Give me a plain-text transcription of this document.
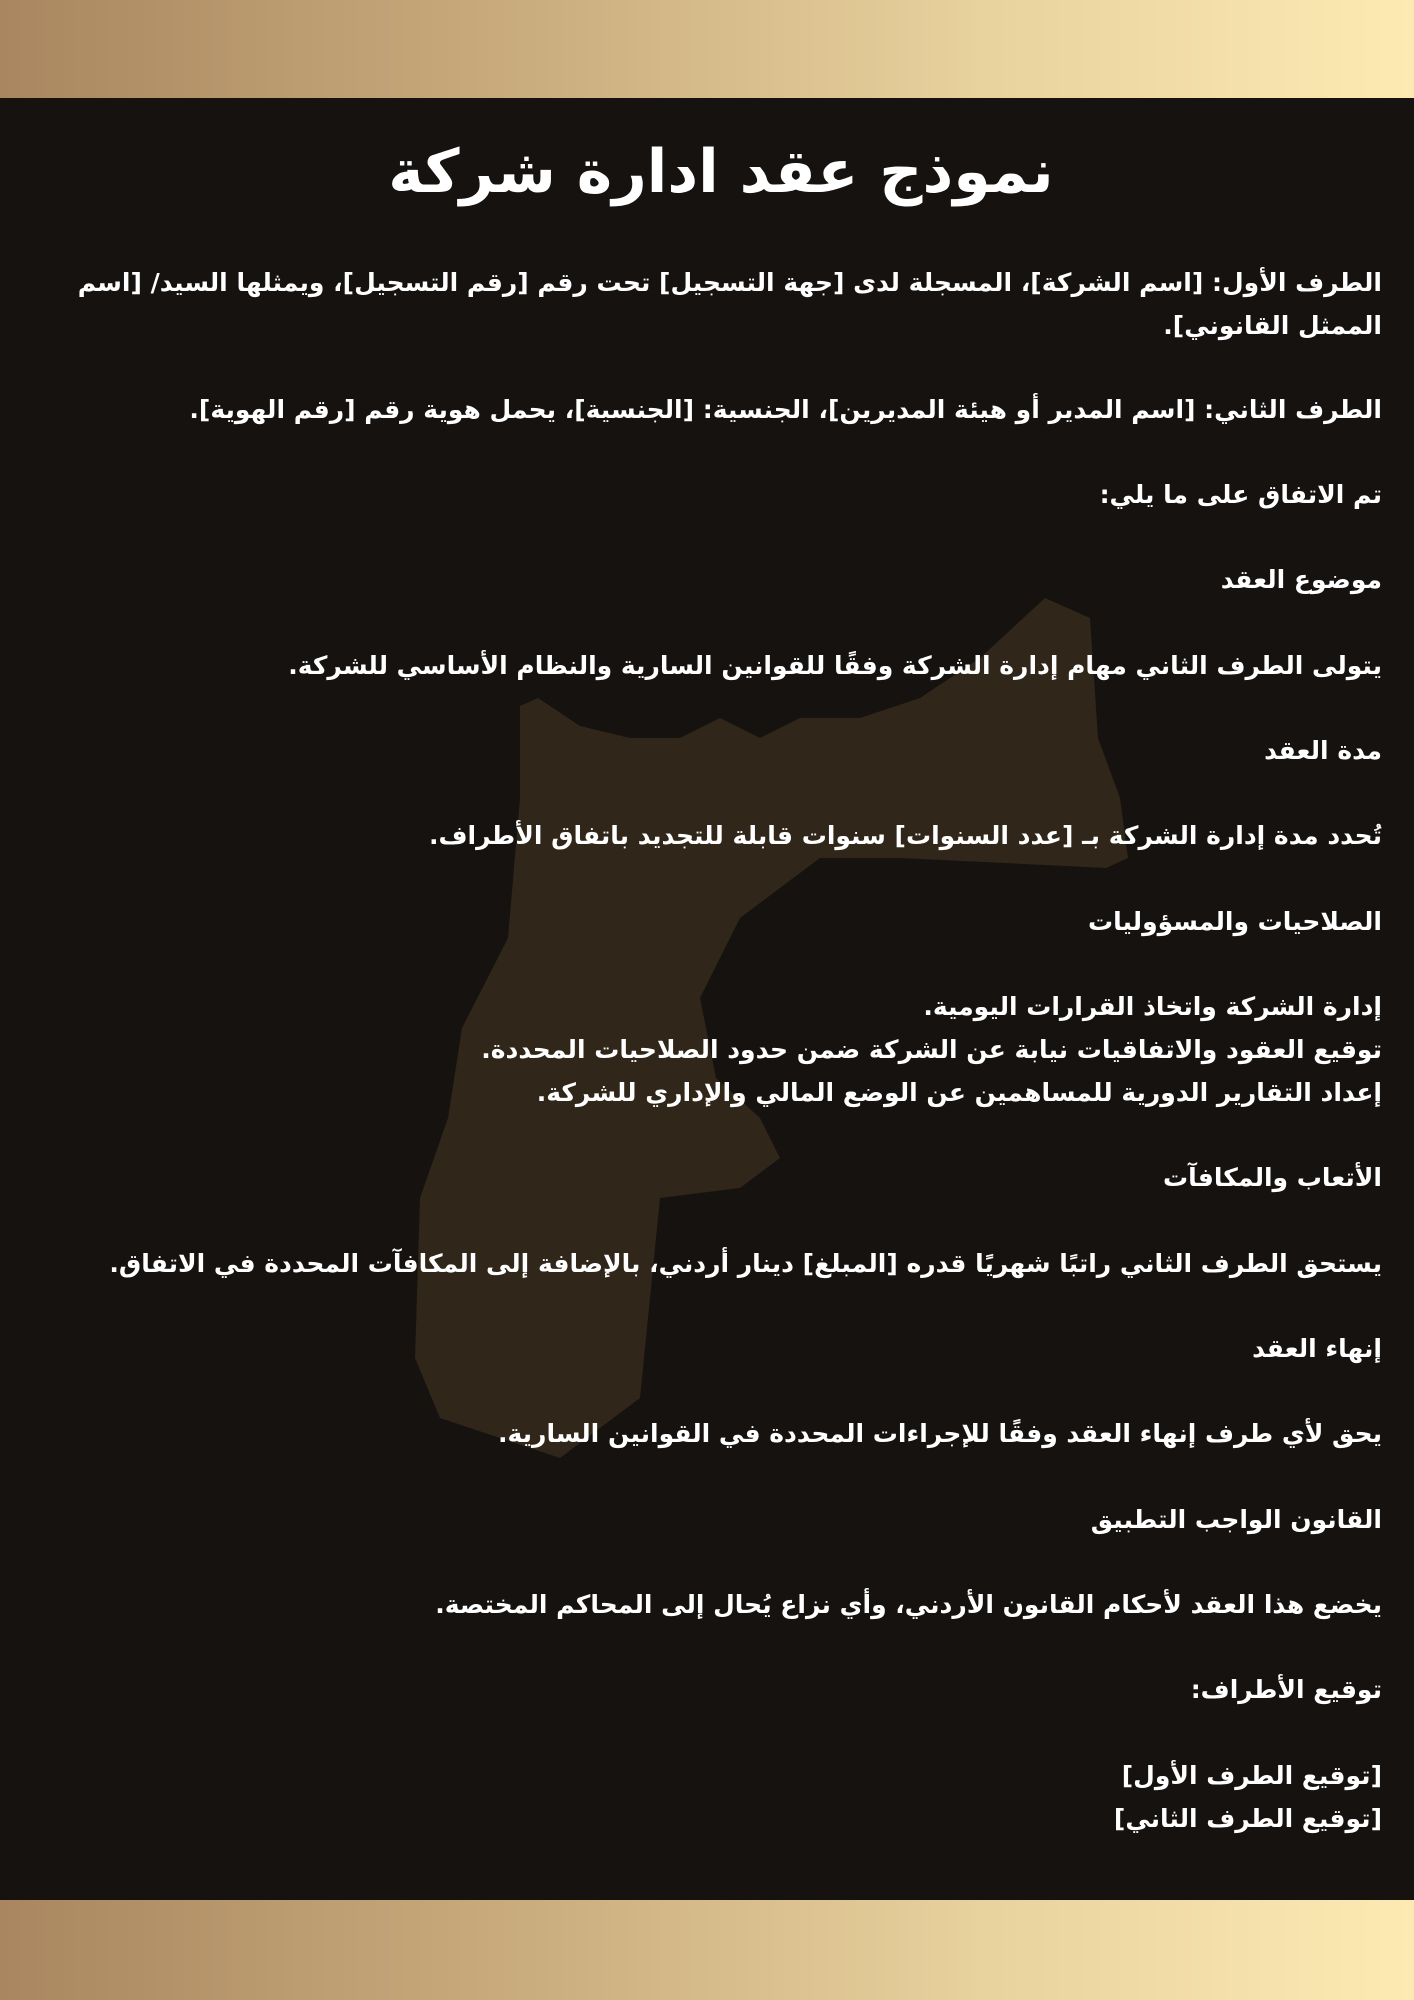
نموذج عقد ادارة شركة
الطرف الأول: [اسم الشركة]، المسجلة لدى [جهة التسجيل] تحت رقم [رقم التسجيل]، ويمثلها السيد/ [اسم الممثل القانوني].
الطرف الثاني: [اسم المدير أو هيئة المديرين]، الجنسية: [الجنسية]، يحمل هوية رقم [رقم الهوية].
تم الاتفاق على ما يلي:
موضوع العقد
يتولى الطرف الثاني مهام إدارة الشركة وفقًا للقوانين السارية والنظام الأساسي للشركة.
مدة العقد
تُحدد مدة إدارة الشركة بـ [عدد السنوات] سنوات قابلة للتجديد باتفاق الأطراف.
الصلاحيات والمسؤوليات
إدارة الشركة واتخاذ القرارات اليومية.
توقيع العقود والاتفاقيات نيابة عن الشركة ضمن حدود الصلاحيات المحددة.
إعداد التقارير الدورية للمساهمين عن الوضع المالي والإداري للشركة.
الأتعاب والمكافآت
يستحق الطرف الثاني راتبًا شهريًا قدره [المبلغ] دينار أردني، بالإضافة إلى المكافآت المحددة في الاتفاق.
إنهاء العقد
يحق لأي طرف إنهاء العقد وفقًا للإجراءات المحددة في القوانين السارية.
القانون الواجب التطبيق
يخضع هذا العقد لأحكام القانون الأردني، وأي نزاع يُحال إلى المحاكم المختصة.
توقيع الأطراف:
[توقيع الطرف الأول]
[توقيع الطرف الثاني]
